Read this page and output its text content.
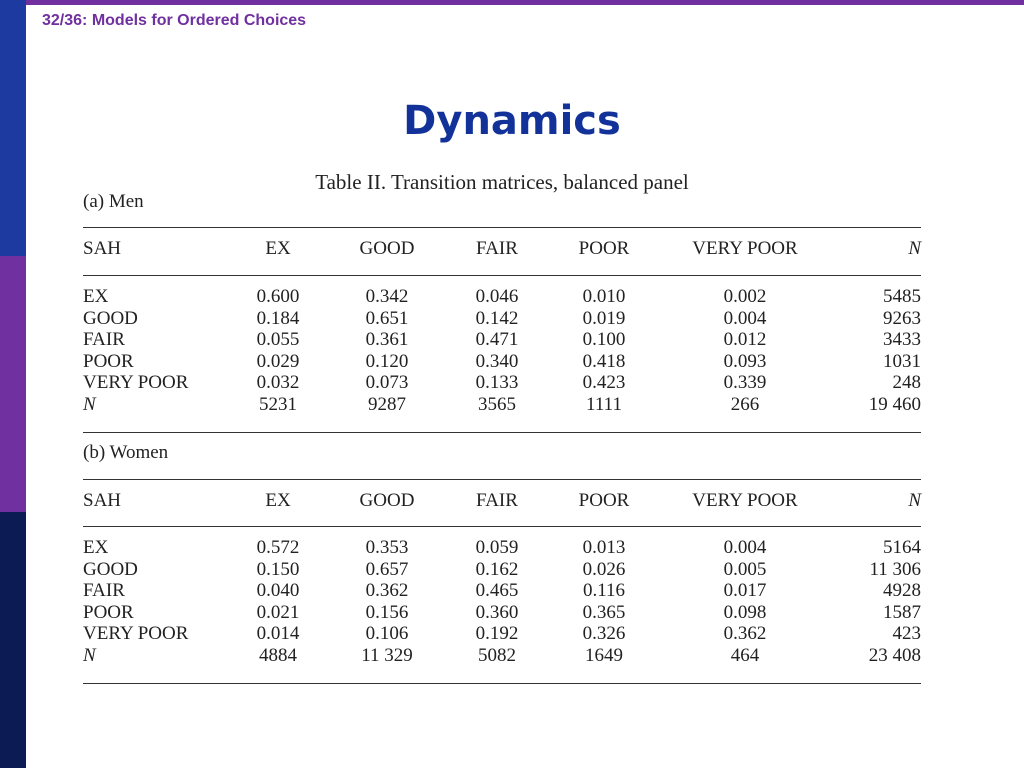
32/36: Models for Ordered Choices
Dynamics
Table II. Transition matrices, balanced panel
(a) Men
SAH	EX	GOOD	FAIR	POOR	VERY POOR	N
EX	0.600	0.342	0.046	0.010	0.002	5485
GOOD	0.184	0.651	0.142	0.019	0.004	9263
FAIR	0.055	0.361	0.471	0.100	0.012	3433
POOR	0.029	0.120	0.340	0.418	0.093	1031
VERY POOR	0.032	0.073	0.133	0.423	0.339	248
N	5231	9287	3565	1111	266	19 460
(b) Women
SAH	EX	GOOD	FAIR	POOR	VERY POOR	N
EX	0.572	0.353	0.059	0.013	0.004	5164
GOOD	0.150	0.657	0.162	0.026	0.005	11 306
FAIR	0.040	0.362	0.465	0.116	0.017	4928
POOR	0.021	0.156	0.360	0.365	0.098	1587
VERY POOR	0.014	0.106	0.192	0.326	0.362	423
N	4884	11 329	5082	1649	464	23 408
